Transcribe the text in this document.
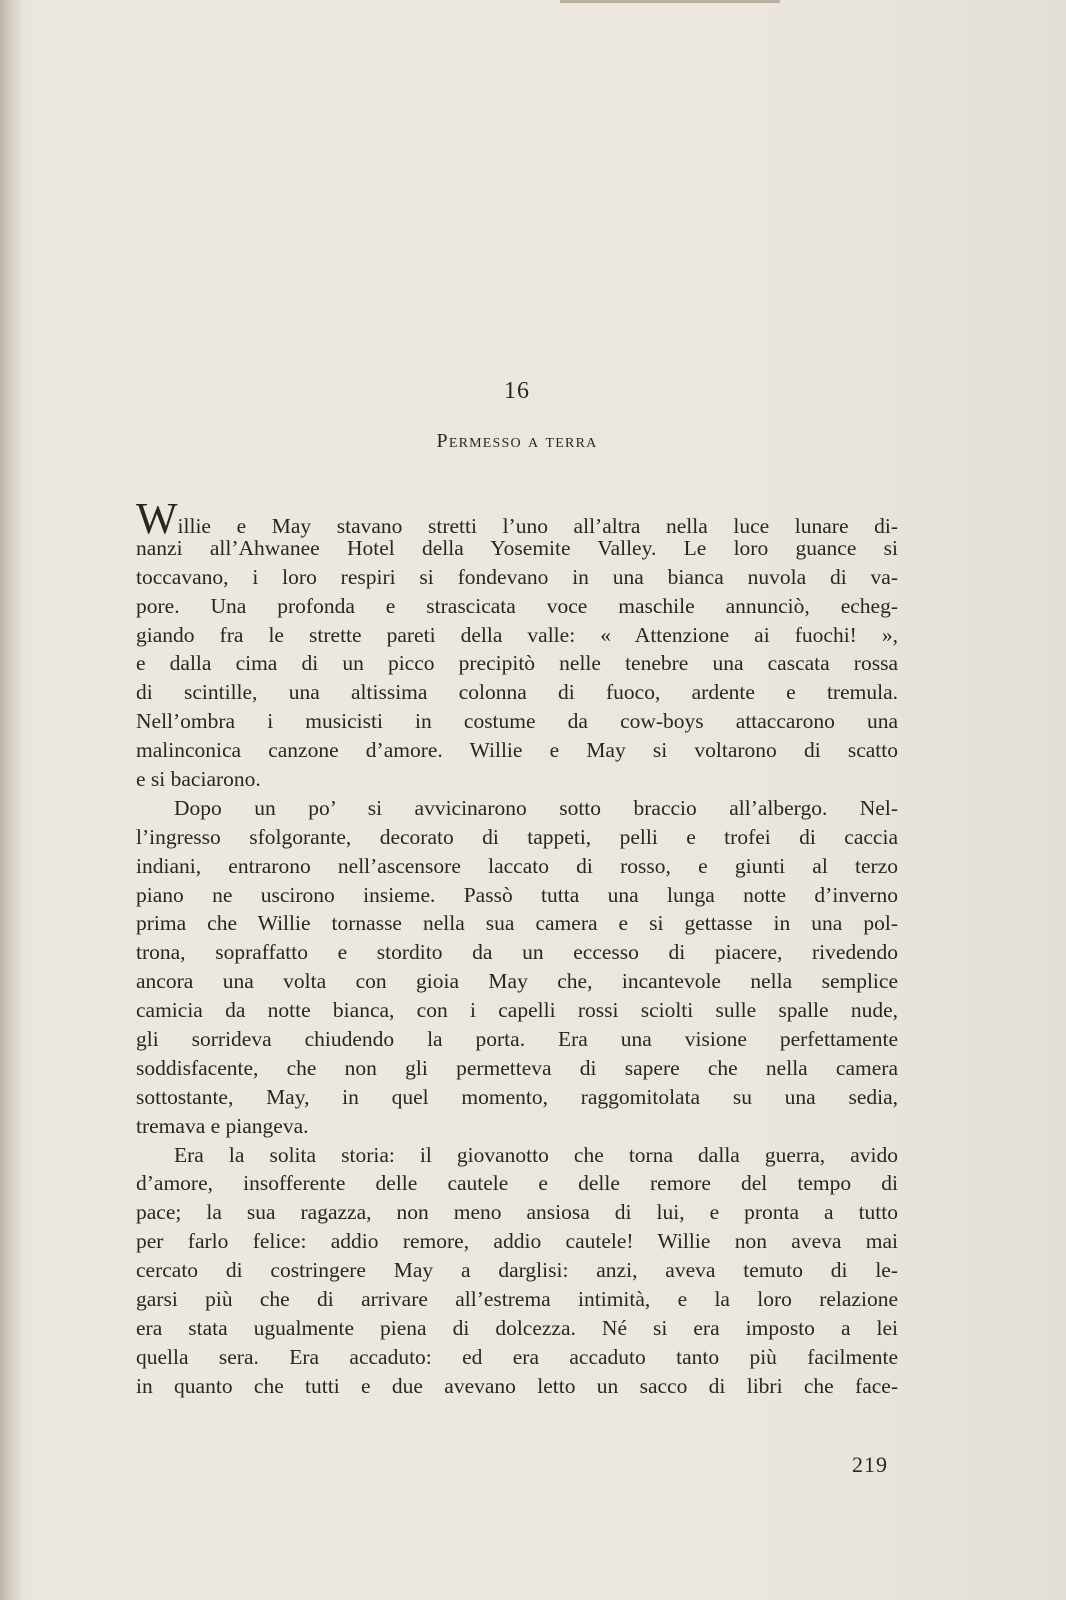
16
Permesso a terra
Willie e May stavano stretti l’uno all’altra nella luce lunare di-
nanzi all’Ahwanee Hotel della Yosemite Valley. Le loro guance si
toccavano, i loro respiri si fondevano in una bianca nuvola di va-
pore. Una profonda e strascicata voce maschile annunciò, echeg-
giando fra le strette pareti della valle: « Attenzione ai fuochi! »,
e dalla cima di un picco precipitò nelle tenebre una cascata rossa
di scintille, una altissima colonna di fuoco, ardente e tremula.
Nell’ombra i musicisti in costume da cow-boys attaccarono una
malinconica canzone d’amore. Willie e May si voltarono di scatto
e si baciarono.
Dopo un po’ si avvicinarono sotto braccio all’albergo. Nel-
l’ingresso sfolgorante, decorato di tappeti, pelli e trofei di caccia
indiani, entrarono nell’ascensore laccato di rosso, e giunti al terzo
piano ne uscirono insieme. Passò tutta una lunga notte d’inverno
prima che Willie tornasse nella sua camera e si gettasse in una pol-
trona, sopraffatto e stordito da un eccesso di piacere, rivedendo
ancora una volta con gioia May che, incantevole nella semplice
camicia da notte bianca, con i capelli rossi sciolti sulle spalle nude,
gli sorrideva chiudendo la porta. Era una visione perfettamente
soddisfacente, che non gli permetteva di sapere che nella camera
sottostante, May, in quel momento, raggomitolata su una sedia,
tremava e piangeva.
Era la solita storia: il giovanotto che torna dalla guerra, avido
d’amore, insofferente delle cautele e delle remore del tempo di
pace; la sua ragazza, non meno ansiosa di lui, e pronta a tutto
per farlo felice: addio remore, addio cautele! Willie non aveva mai
cercato di costringere May a darglisi: anzi, aveva temuto di le-
garsi più che di arrivare all’estrema intimità, e la loro relazione
era stata ugualmente piena di dolcezza. Né si era imposto a lei
quella sera. Era accaduto: ed era accaduto tanto più facilmente
in quanto che tutti e due avevano letto un sacco di libri che face-
219
